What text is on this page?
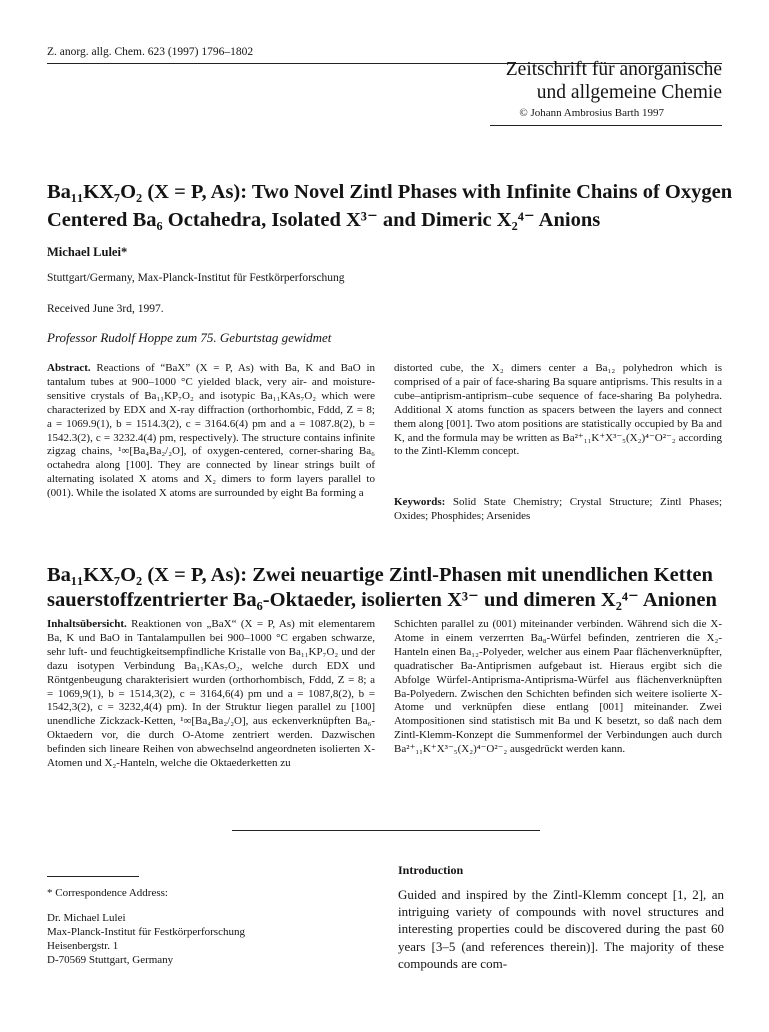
Z. anorg. allg. Chem. 623 (1997) 1796–1802
Zeitschrift für anorganische
und allgemeine Chemie
© Johann Ambrosius Barth 1997
Ba₁₁KX₇O₂ (X = P, As): Two Novel Zintl Phases with Infinite Chains of Oxygen Centered Ba₆ Octahedra, Isolated X³⁻ and Dimeric X₂⁴⁻ Anions
Michael Lulei*
Stuttgart/Germany, Max-Planck-Institut für Festkörperforschung
Received June 3rd, 1997.
Professor Rudolf Hoppe zum 75. Geburtstag gewidmet
Abstract. Reactions of “BaX” (X = P, As) with Ba, K and BaO in tantalum tubes at 900–1000 °C yielded black, very air- and moisture-sensitive crystals of Ba₁₁KP₇O₂ and isotypic Ba₁₁KAs₇O₂ which were characterized by EDX and X-ray diffraction (orthorhombic, Fddd, Z = 8; a = 1069.9(1), b = 1514.3(2), c = 3164.6(4) pm and a = 1087.8(2), b = 1542.3(2), c = 3232.4(4) pm, respectively). The structure contains infinite zigzag chains, ¹∞[Ba₄Ba₂/₂O], of oxygen-centered, corner-sharing Ba₆ octahedra along [100]. They are connected by linear strings built of alternating isolated X atoms and X₂ dimers to form layers parallel to (001). While the isolated X atoms are surrounded by eight Ba forming a
distorted cube, the X₂ dimers center a Ba₁₂ polyhedron which is comprised of a pair of face-sharing Ba square antiprisms. This results in a cube–antiprism-antiprism–cube sequence of face-sharing Ba polyhedra. Additional X atoms function as spacers between the layers and connect them along [001]. Two atom positions are statistically occupied by Ba and K, and the formula may be written as Ba²⁺₁₁K⁺X³⁻₅(X₂)⁴⁻O²⁻₂ according to the Zintl-Klemm concept.
Keywords: Solid State Chemistry; Crystal Structure; Zintl Phases; Oxides; Phosphides; Arsenides
Ba₁₁KX₇O₂ (X = P, As): Zwei neuartige Zintl-Phasen mit unendlichen Ketten sauerstoffzentrierter Ba₆-Oktaeder, isolierten X³⁻ und dimeren X₂⁴⁻ Anionen
Inhaltsübersicht. Reaktionen von „BaX“ (X = P, As) mit elementarem Ba, K und BaO in Tantalampullen bei 900–1000 °C ergaben schwarze, sehr luft- und feuchtigkeitsempfindliche Kristalle von Ba₁₁KP₇O₂ und der dazu isotypen Verbindung Ba₁₁KAs₇O₂, welche durch EDX und Röntgenbeugung charakterisiert wurden (orthorhombisch, Fddd, Z = 8; a = 1069,9(1), b = 1514,3(2), c = 3164,6(4) pm und a = 1087,8(2), b = 1542,3(2), c = 3232,4(4) pm). In der Struktur liegen parallel zu [100] unendliche Zickzack-Ketten, ¹∞[Ba₄Ba₂/₂O], aus eckenverknüpften Ba₆-Oktaedern vor, die durch O-Atome zentriert werden. Dazwischen befinden sich lineare Reihen von abwechselnd angeordneten isolierten X-Atomen und X₂-Hanteln, welche die Oktaederketten zu
Schichten parallel zu (001) miteinander verbinden. Während sich die X-Atome in einem verzerrten Ba₈-Würfel befinden, zentrieren die X₂-Hanteln einen Ba₁₂-Polyeder, welcher aus einem Paar flächenverknüpfter, quadratischer Ba-Antiprismen aufgebaut ist. Hieraus ergibt sich die Abfolge Würfel-Antiprisma-Antiprisma-Würfel aus flächenverknüpften Ba-Polyedern. Zwischen den Schichten befinden sich weitere isolierte X-Atome und verknüpfen diese entlang [001] miteinander. Zwei Atompositionen sind statistisch mit Ba und K besetzt, so daß nach dem Zintl-Klemm-Konzept die Summenformel der Verbindungen auch durch Ba²⁺₁₁K⁺X³⁻₅(X₂)⁴⁻O²⁻₂ ausgedrückt werden kann.
* Correspondence Address:
Dr. Michael Lulei
Max-Planck-Institut für Festkörperforschung
Heisenbergstr. 1
D-70569 Stuttgart, Germany
Introduction
Guided and inspired by the Zintl-Klemm concept [1, 2], an intriguing variety of compounds with novel structures and interesting properties could be discovered during the past 60 years [3–5 (and references therein)]. The majority of these compounds are com-
